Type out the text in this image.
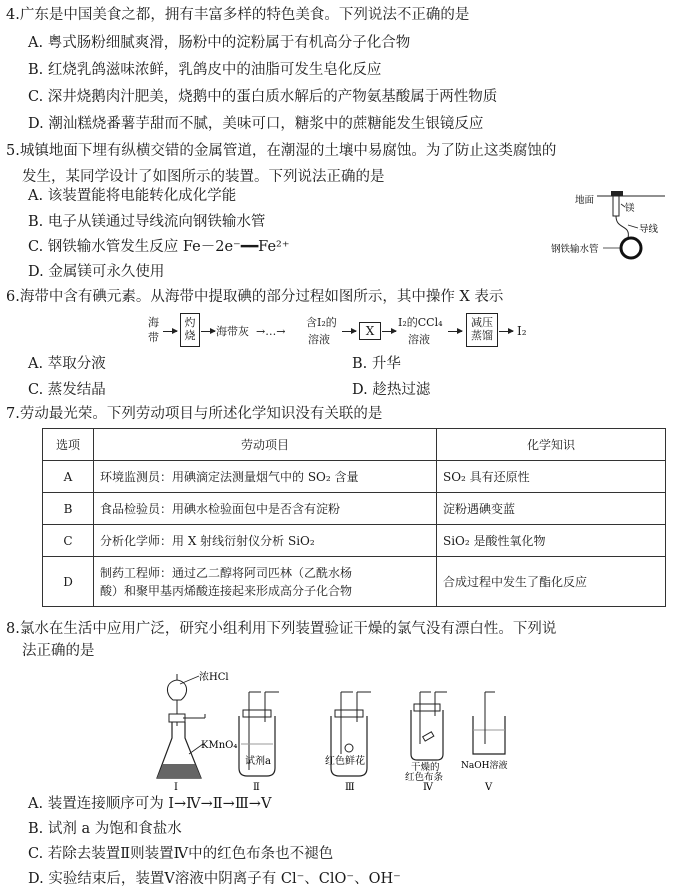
4.广东是中国美食之都，拥有丰富多样的特色美食。下列说法不正确的是
A. 粤式肠粉细腻爽滑，肠粉中的淀粉属于有机高分子化合物
B. 红烧乳鸽滋味浓鲜，乳鸽皮中的油脂可发生皂化反应
C. 深井烧鹅肉汁肥美，烧鹅中的蛋白质水解后的产物氨基酸属于两性物质
D. 潮汕糕烧番薯芋甜而不腻，美味可口，糖浆中的蔗糖能发生银镜反应
5.城镇地面下埋有纵横交错的金属管道，在潮湿的土壤中易腐蚀。为了防止这类腐蚀的
发生，某同学设计了如图所示的装置。下列说法正确的是
A. 该装置能将电能转化成化学能
B. 电子从镁通过导线流向钢铁输水管
C. 钢铁输水管发生反应 Fe－2e⁻━━Fe²⁺
D. 金属镁可永久使用
地面
镁
导线
钢铁输水管
6.海带中含有碘元素。从海带中提取碘的部分过程如图所示，其中操作 X 表示
海
带
灼
烧	海带灰 →…→
含I₂的
溶液
X
I₂的CCl₄
溶液
减压
蒸馏	I₂
A. 萃取分液	B. 升华
C. 蒸发结晶	D. 趁热过滤
7.劳动最光荣。下列劳动项目与所述化学知识没有关联的是
选项	劳动项目	化学知识
A	环境监测员：用碘滴定法测量烟气中的 SO₂ 含量	SO₂ 具有还原性
B	食品检验员：用碘水检验面包中是否含有淀粉	淀粉遇碘变蓝
C	分析化学师：用 X 射线衍射仪分析 SiO₂	SiO₂ 是酸性氧化物
D	制药工程师：通过乙二醇将阿司匹林（乙酰水杨
酸）和聚甲基丙烯酸连接起来形成高分子化合物	合成过程中发生了酯化反应
8.氯水在生活中应用广泛，研究小组利用下列装置验证干燥的氯气没有漂白性。下列说
法正确的是
浓HCl
KMnO₄
Ⅰ
试剂a
Ⅱ
红色鲜花
Ⅲ
干燥的
红色布条
Ⅳ
NaOH溶液
Ⅴ
A. 装置连接顺序可为 Ⅰ→Ⅳ→Ⅱ→Ⅲ→Ⅴ
B. 试剂 a 为饱和食盐水
C. 若除去装置Ⅱ则装置Ⅳ中的红色布条也不褪色
D. 实验结束后，装置Ⅴ溶液中阴离子有 Cl⁻、ClO⁻、OH⁻
